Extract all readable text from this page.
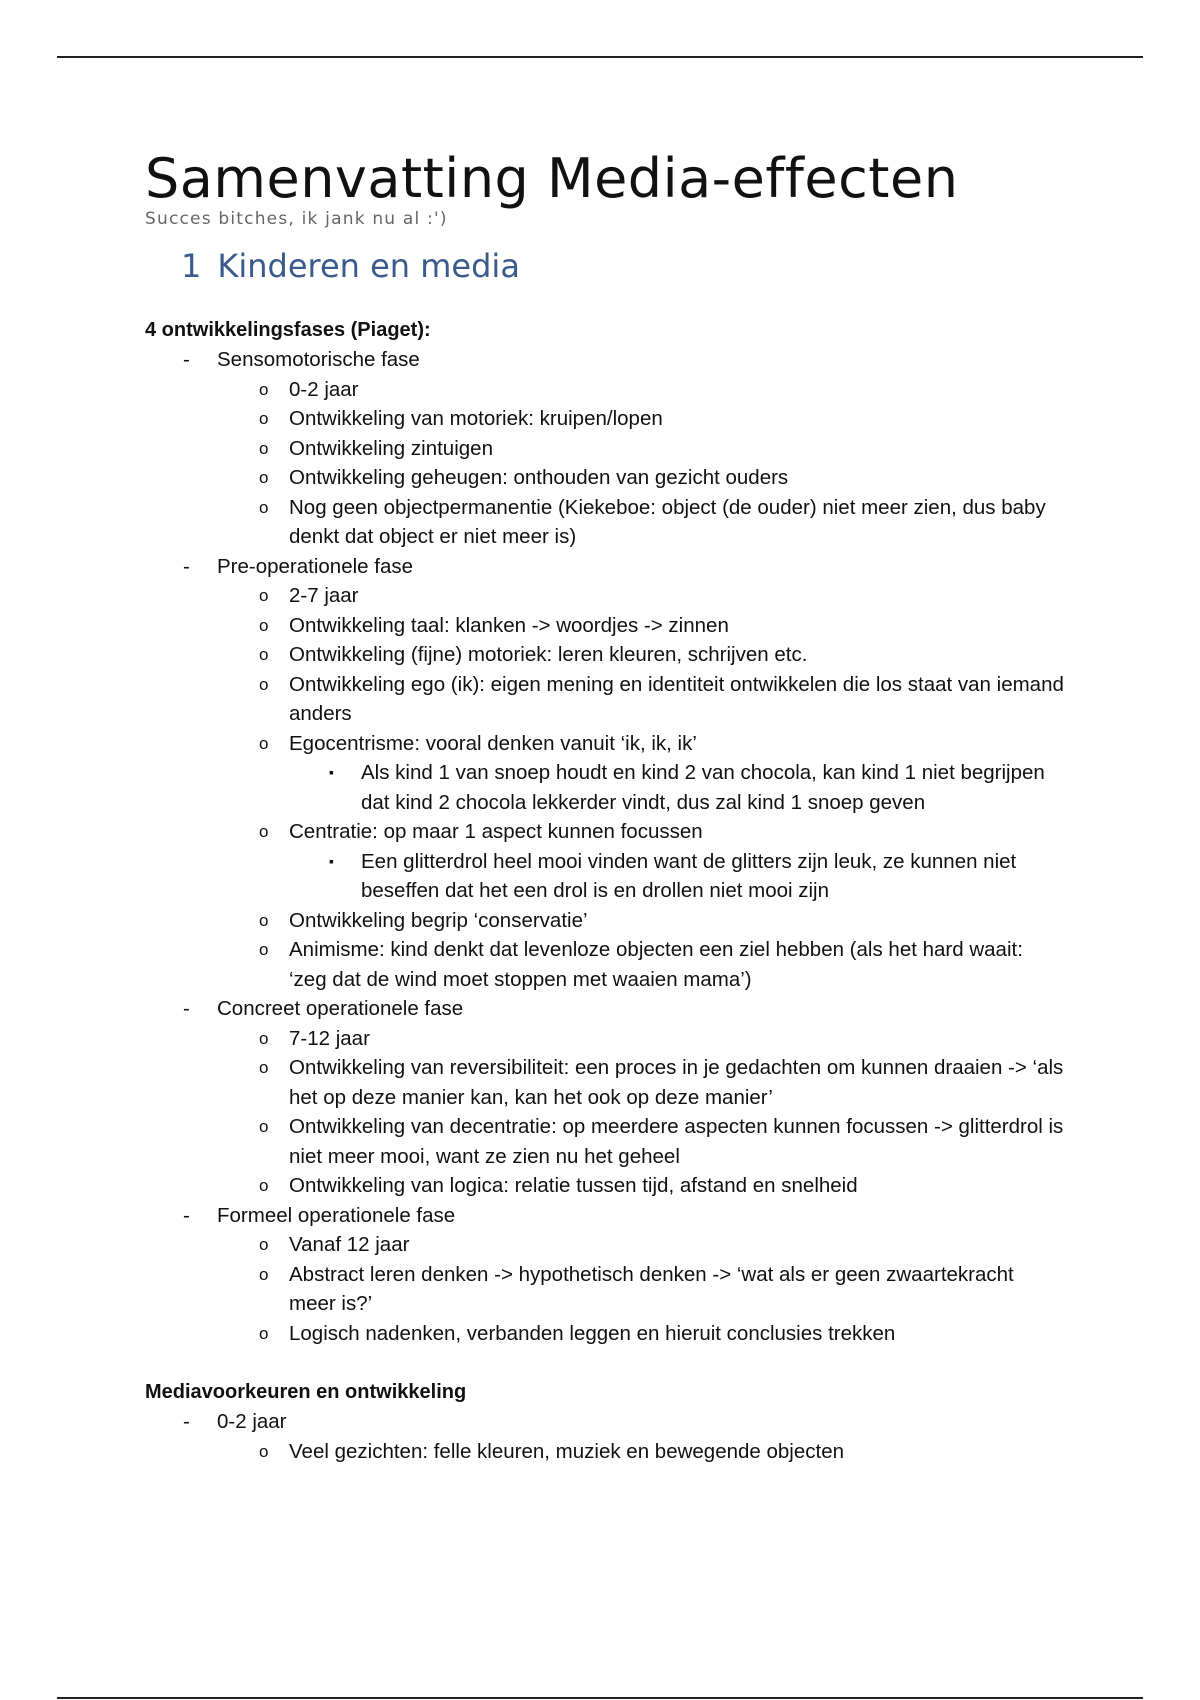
Samenvatting Media-effecten
Succes bitches, ik jank nu al :')
1 Kinderen en media
4 ontwikkelingsfases (Piaget):
- Sensomotorische fase
o 0-2 jaar
o Ontwikkeling van motoriek: kruipen/lopen
o Ontwikkeling zintuigen
o Ontwikkeling geheugen: onthouden van gezicht ouders
o Nog geen objectpermanentie (Kiekeboe: object (de ouder) niet meer zien, dus baby denkt dat object er niet meer is)
- Pre-operationele fase
o 2-7 jaar
o Ontwikkeling taal: klanken -> woordjes -> zinnen
o Ontwikkeling (fijne) motoriek: leren kleuren, schrijven etc.
o Ontwikkeling ego (ik): eigen mening en identiteit ontwikkelen die los staat van iemand anders
o Egocentrisme: vooral denken vanuit ‘ik, ik, ik’
▪ Als kind 1 van snoep houdt en kind 2 van chocola, kan kind 1 niet begrijpen dat kind 2 chocola lekkerder vindt, dus zal kind 1 snoep geven
o Centratie: op maar 1 aspect kunnen focussen
▪ Een glitterdrol heel mooi vinden want de glitters zijn leuk, ze kunnen niet beseffen dat het een drol is en drollen niet mooi zijn
o Ontwikkeling begrip ‘conservatie’
o Animisme: kind denkt dat levenloze objecten een ziel hebben (als het hard waait: ‘zeg dat de wind moet stoppen met waaien mama’)
- Concreet operationele fase
o 7-12 jaar
o Ontwikkeling van reversibiliteit: een proces in je gedachten om kunnen draaien -> ‘als het op deze manier kan, kan het ook op deze manier’
o Ontwikkeling van decentratie: op meerdere aspecten kunnen focussen -> glitterdrol is niet meer mooi, want ze zien nu het geheel
o Ontwikkeling van logica: relatie tussen tijd, afstand en snelheid
- Formeel operationele fase
o Vanaf 12 jaar
o Abstract leren denken -> hypothetisch denken -> ‘wat als er geen zwaartekracht meer is?’
o Logisch nadenken, verbanden leggen en hieruit conclusies trekken
Mediavoorkeuren en ontwikkeling
- 0-2 jaar
o Veel gezichten: felle kleuren, muziek en bewegende objecten
